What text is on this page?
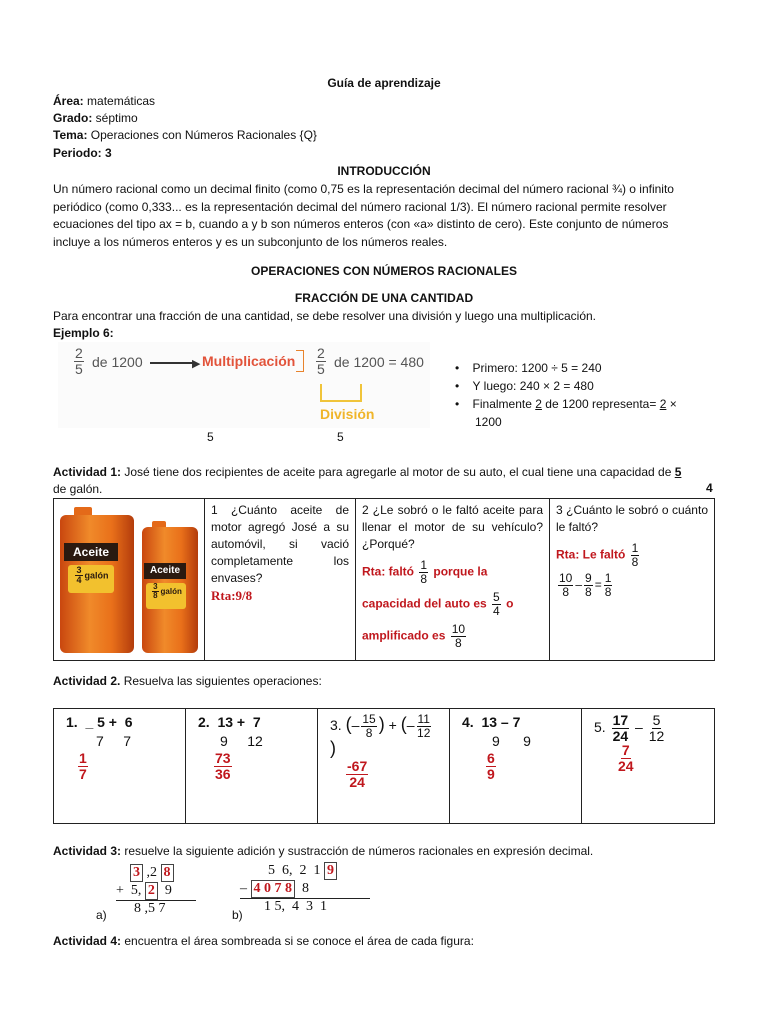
Guía de aprendizaje
Área: matemáticas
Grado: séptimo
Tema: Operaciones con Números Racionales {Q}
Periodo: 3
INTRODUCCIÓN
Un número racional como un decimal finito (como 0,75 es la representación decimal del número racional ¾) o infinito
periódico (como 0,333... es la representación decimal del número racional 1/3). El número racional permite resolver
ecuaciones del tipo ax = b, cuando a y b son números enteros (con «a» distinto de cero). Este conjunto de números
incluye a los números enteros y es un subconjunto de los números reales.
OPERACIONES CON NÚMEROS RACIONALES
FRACCIÓN DE UNA CANTIDAD
Para encontrar una fracción de una cantidad, se debe resolver una división y luego una multiplicación.
Ejemplo 6:
$\frac{2}{5}$ de 1200	▶ Multiplicación $\frac{2}{5}$ de 1200 = 480
División
5	5
•    Primero: 1200 ÷ 5 = 240
•    Y luego: 240 × 2 = 480
•    Finalmente 2 de 1200 representa= 2 ×
1200
Actividad 1: José tiene dos recipientes de aceite para agregarle al motor de su auto, el cual tiene una capacidad de 5
4
de galón.
Aceite
$\frac{3}{4}$ galón	Aceite
$\frac{3}{8}$ galón

1 ¿Cuánto aceite de motor agregó José a su automóvil, si vació completamente los envases?
Rta:9/8

2 ¿Le sobró o le faltó aceite para llenar el motor de su vehículo? ¿Porqué?
Rta: faltó $\frac{1}{8}$ porque la
capacidad del auto es $\frac{5}{4}$ o
amplificado es $\frac{10}{8}$

3 ¿Cuánto le sobró o cuánto le faltó?
Rta: Le faltó $\frac{1}{8}$
$\frac{10}{8} - \frac{9}{8} = \frac{1}{8}$
Actividad 2. Resuelva las siguientes operaciones:
1.  _ 5 +  6
7     7
$\frac{1}{7}$

2.  13 +  7
9     12
$\frac{73}{36}$

3. (– $\frac{15}{8}$ ) + (– $\frac{11}{12}$
)
$\frac{-67}{24}$

4.  13 – 7
9      9
$\frac{6}{9}$

5. $\frac{17}{24} - \frac{5}{12}$
$\frac{7}{24}$
Actividad 3: resuelve la siguiente adición y sustracción de números racionales en expresión decimal.
3 ,2 8
+  5, 2  9
8 ,5 7
a)
5  6,  2  1 9
– 4 0 7 8  8
1 5,  4  3  1
b)
Actividad 4: encuentra el área sombreada si se conoce el área de cada figura:
